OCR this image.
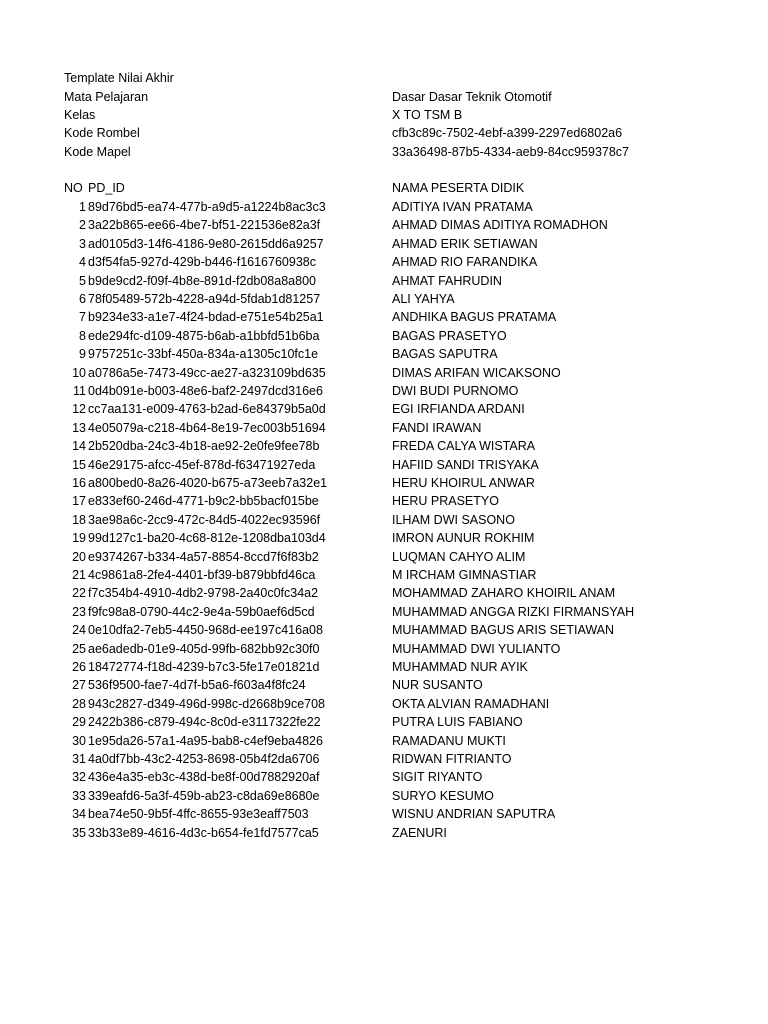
Template Nilai Akhir
Mata Pelajaran	Dasar Dasar Teknik Otomotif
Kelas	X TO TSM B
Kode Rombel	cfb3c89c-7502-4ebf-a399-2297ed6802a6
Kode Mapel	33a36498-87b5-4334-aeb9-84cc959378c7
NO PD_ID	NAMA PESERTA DIDIK
1 89d76bd5-ea74-477b-a9d5-a1224b8ac3c3	ADITIYA IVAN PRATAMA
2 3a22b865-ee66-4be7-bf51-221536e82a3f	AHMAD DIMAS ADITIYA ROMADHON
3 ad0105d3-14f6-4186-9e80-2615dd6a9257	AHMAD ERIK SETIAWAN
4 d3f54fa5-927d-429b-b446-f1616760938c	AHMAD RIO FARANDIKA
5 b9de9cd2-f09f-4b8e-891d-f2db08a8a800	AHMAT FAHRUDIN
6 78f05489-572b-4228-a94d-5fdab1d81257	ALI YAHYA
7 b9234e33-a1e7-4f24-bdad-e751e54b25a1	ANDHIKA BAGUS PRATAMA
8 ede294fc-d109-4875-b6ab-a1bbfd51b6ba	BAGAS PRASETYO
9 9757251c-33bf-450a-834a-a1305c10fc1e	BAGAS SAPUTRA
10 a0786a5e-7473-49cc-ae27-a323109bd635	DIMAS ARIFAN WICAKSONO
11 0d4b091e-b003-48e6-baf2-2497dcd316e6	DWI BUDI PURNOMO
12 cc7aa131-e009-4763-b2ad-6e84379b5a0d	EGI IRFIANDA ARDANI
13 4e05079a-c218-4b64-8e19-7ec003b51694	FANDI IRAWAN
14 2b520dba-24c3-4b18-ae92-2e0fe9fee78b	FREDA CALYA WISTARA
15 46e29175-afcc-45ef-878d-f63471927eda	HAFIID SANDI TRISYAKA
16 a800bed0-8a26-4020-b675-a73eeb7a32e1	HERU KHOIRUL ANWAR
17 e833ef60-246d-4771-b9c2-bb5bacf015be	HERU PRASETYO
18 3ae98a6c-2cc9-472c-84d5-4022ec93596f	ILHAM DWI SASONO
19 99d127c1-ba20-4c68-812e-1208dba103d4	IMRON AUNUR ROKHIM
20 e9374267-b334-4a57-8854-8ccd7f6f83b2	LUQMAN CAHYO ALIM
21 4c9861a8-2fe4-4401-bf39-b879bbfd46ca	M IRCHAM GIMNASTIAR
22 f7c354b4-4910-4db2-9798-2a40c0fc34a2	MOHAMMAD ZAHARO KHOIRIL ANAM
23 f9fc98a8-0790-44c2-9e4a-59b0aef6d5cd	MUHAMMAD ANGGA RIZKI FIRMANSYAH
24 0e10dfa2-7eb5-4450-968d-ee197c416a08	MUHAMMAD BAGUS ARIS SETIAWAN
25 ae6adedb-01e9-405d-99fb-682bb92c30f0	MUHAMMAD DWI YULIANTO
26 18472774-f18d-4239-b7c3-5fe17e01821d	MUHAMMAD NUR AYIK
27 536f9500-fae7-4d7f-b5a6-f603a4f8fc24	NUR SUSANTO
28 943c2827-d349-496d-998c-d2668b9ce708	OKTA ALVIAN RAMADHANI
29 2422b386-c879-494c-8c0d-e3117322fe22	PUTRA LUIS FABIANO
30 1e95da26-57a1-4a95-bab8-c4ef9eba4826	RAMADANU MUKTI
31 4a0df7bb-43c2-4253-8698-05b4f2da6706	RIDWAN FITRIANTO
32 436e4a35-eb3c-438d-be8f-00d7882920af	SIGIT RIYANTO
33 339eafd6-5a3f-459b-ab23-c8da69e8680e	SURYO KESUMO
34 bea74e50-9b5f-4ffc-8655-93e3eaff7503	WISNU ANDRIAN SAPUTRA
35 33b33e89-4616-4d3c-b654-fe1fd7577ca5	ZAENURI
